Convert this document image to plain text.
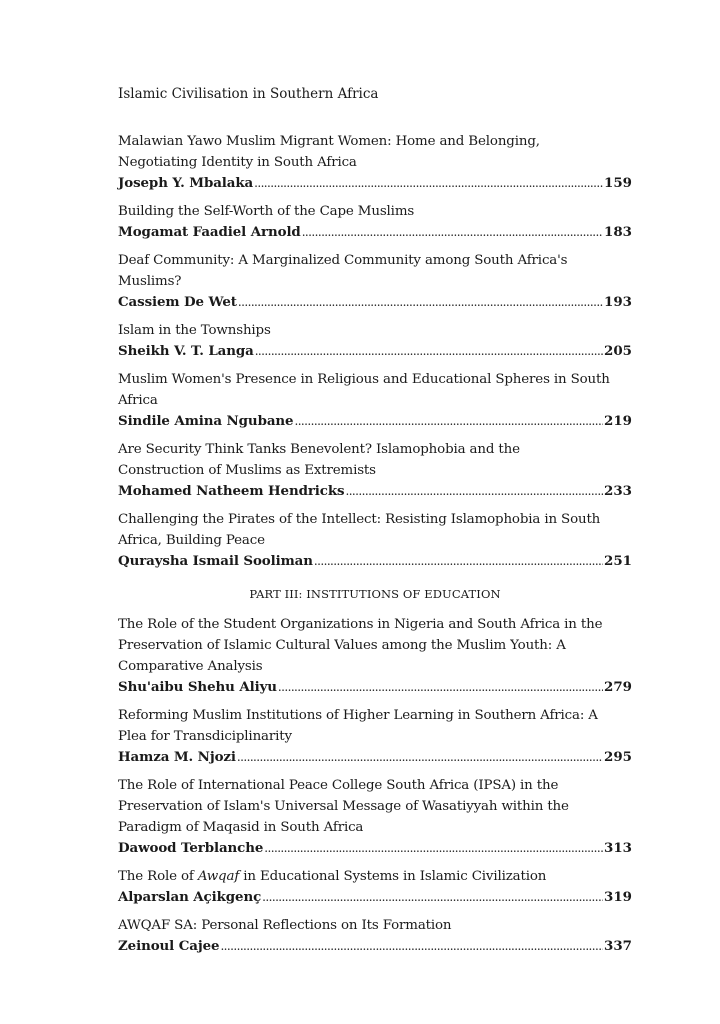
Islamic Civilisation in Southern Africa
Malawian Yawo Muslim Migrant Women: Home and Belonging,
Negotiating Identity in South Africa
Joseph Y. Mbalaka . . .	159
Building the Self-Worth of the Cape Muslims
Mogamat Faadiel Arnold . . .	183
Deaf Community: A Marginalized Community among South Africa's
Muslims?
Cassiem De Wet . . .	193
Islam in the Townships
Sheikh V. T. Langa . . .	205
Muslim Women's Presence in Religious and Educational Spheres in South
Africa
Sindile Amina Ngubane . . .	219
Are Security Think Tanks Benevolent? Islamophobia and the
Construction of Muslims as Extremists
Mohamed Natheem Hendricks . . .	233
Challenging the Pirates of the Intellect: Resisting Islamophobia in South
Africa, Building Peace
Quraysha Ismail Sooliman . . .	251
PART III: INSTITUTIONS OF EDUCATION
The Role of the Student Organizations in Nigeria and South Africa in the
Preservation of Islamic Cultural Values among the Muslim Youth: A
Comparative Analysis
Shu'aibu Shehu Aliyu . . .	279
Reforming Muslim Institutions of Higher Learning in Southern Africa: A
Plea for Transdiciplinarity
Hamza M. Njozi . . .	295
The Role of International Peace College South Africa (IPSA) in the
Preservation of Islam's Universal Message of Wasatiyyah within the
Paradigm of Maqasid in South Africa
Dawood Terblanche . . .	313
The Role of Awqaf in Educational Systems in Islamic Civilization
Alparslan Açikgenç . . .	319
AWQAF SA: Personal Reflections on Its Formation
Zeinoul Cajee . . .	337
